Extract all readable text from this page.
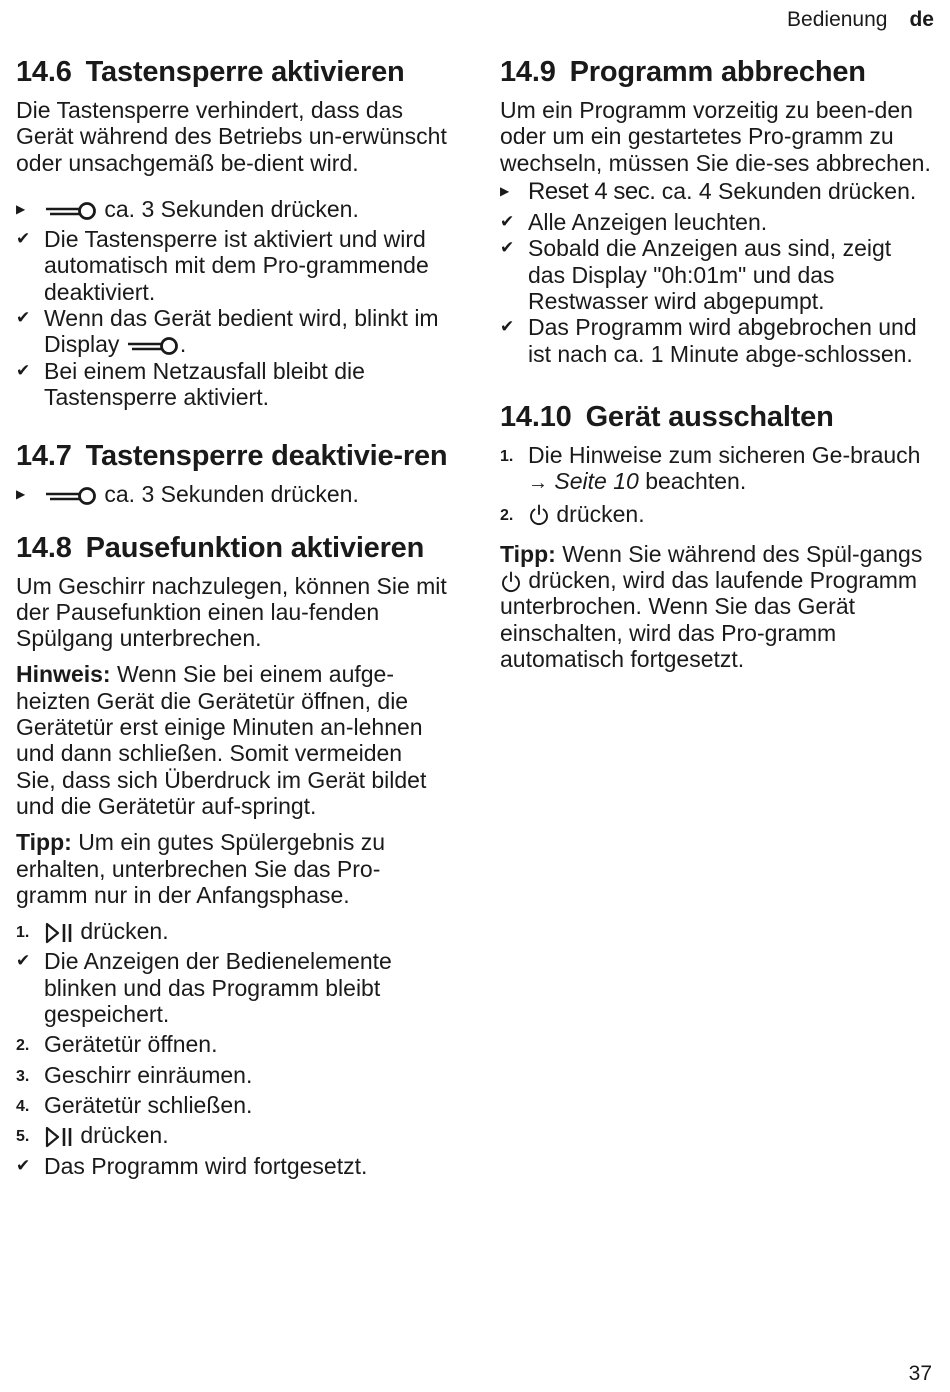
Bedienung de
14.6 Tastensperre aktivieren

Die Tastensperre verhindert, dass das Gerät während des Betriebs un-erwünscht oder unsachgemäß be-dient wird.

▶	ca. 3 Sekunden drücken.
✔ Die Tastensperre ist aktiviert und wird automatisch mit dem Pro-grammende deaktiviert.
✔ Wenn das Gerät bedient wird, blinkt im Display	.
✔ Bei einem Netzausfall bleibt die Tastensperre aktiviert.
14.7 Tastensperre deaktivie-ren
▶	ca. 3 Sekunden drücken.
14.8 Pausefunktion aktivieren

Um Geschirr nachzulegen, können Sie mit der Pausefunktion einen lau-fenden Spülgang unterbrechen.

Hinweis: Wenn Sie bei einem aufge-heizten Gerät die Gerätetür öffnen, die Gerätetür erst einige Minuten an-lehnen und dann schließen. Somit vermeiden Sie, dass sich Überdruck im Gerät bildet und die Gerätetür auf-springt.

Tipp: Um ein gutes Spülergebnis zu erhalten, unterbrechen Sie das Pro-gramm nur in der Anfangsphase.

1.	drücken.
✔ Die Anzeigen der Bedienelemente blinken und das Programm bleibt gespeichert.
2. Gerätetür öffnen.
3. Geschirr einräumen.
4. Gerätetür schließen.
5.	drücken.
✔ Das Programm wird fortgesetzt.
14.9 Programm abbrechen

Um ein Programm vorzeitig zu been-den oder um ein gestartetes Pro-gramm zu wechseln, müssen Sie die-ses abbrechen.

▶ Reset 4 sec. ca. 4 Sekunden drücken.
✔ Alle Anzeigen leuchten.
✔ Sobald die Anzeigen aus sind, zeigt das Display "0h:01m" und das Restwasser wird abgepumpt.
✔ Das Programm wird abgebrochen und ist nach ca. 1 Minute abge-schlossen.
14.10 Gerät ausschalten
1. Die Hinweise zum sicheren Ge-brauch → Seite 10 beachten.
2.	drücken.

Tipp: Wenn Sie während des Spül-gangs  drücken, wird das laufende Programm unterbrochen. Wenn Sie das Gerät einschalten, wird das Pro-gramm automatisch fortgesetzt.

37
